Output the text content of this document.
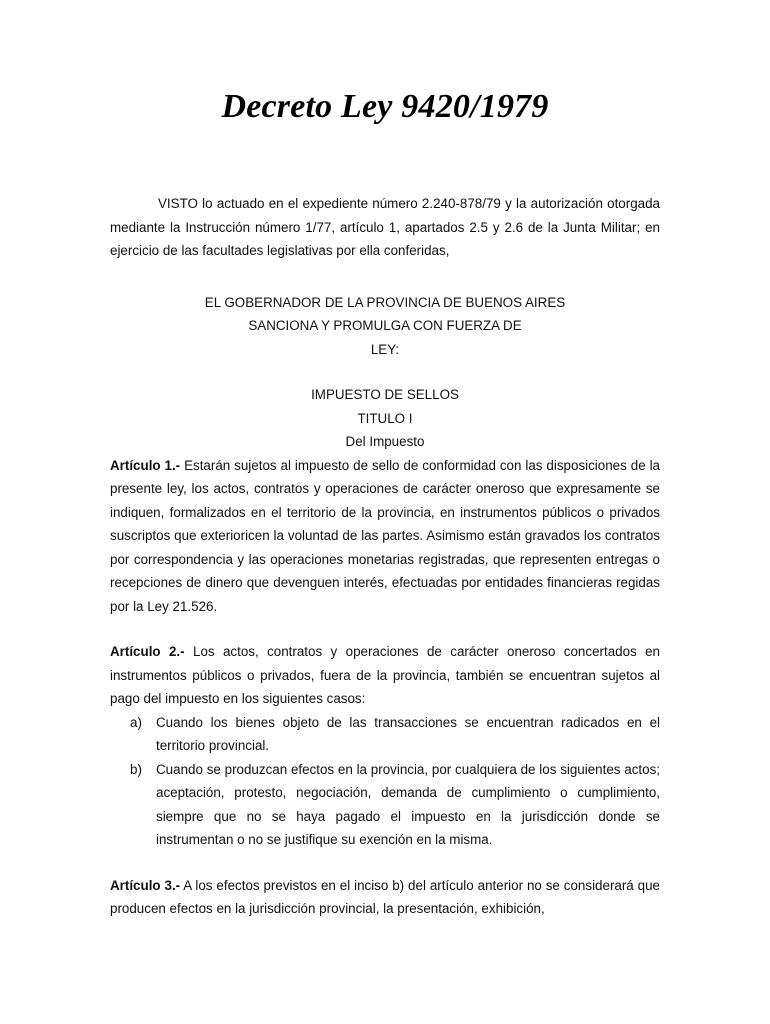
Decreto Ley 9420/1979

VISTO lo actuado en el expediente número 2.240-878/79 y la autorización otorgada mediante la Instrucción número 1/77, artículo 1, apartados 2.5 y 2.6 de la Junta Militar; en ejercicio de las facultades legislativas por ella conferidas,

EL GOBERNADOR DE LA PROVINCIA DE BUENOS AIRES

SANCIONA Y PROMULGA CON FUERZA DE

LEY:

IMPUESTO DE SELLOS

TITULO I

Del Impuesto

Artículo 1.- Estarán sujetos al impuesto de sello de conformidad con las disposiciones de la presente ley, los actos, contratos y operaciones de carácter oneroso que expresamente se indiquen, formalizados en el territorio de la provincia, en instrumentos públicos o privados suscriptos que exterioricen la voluntad de las partes. Asimismo están gravados los contratos por correspondencia y las operaciones monetarias registradas, que representen entregas o recepciones de dinero que devenguen interés, efectuadas por entidades financieras regidas por la Ley 21.526.

Artículo 2.- Los actos, contratos y operaciones de carácter oneroso concertados en instrumentos públicos o privados, fuera de la provincia, también se encuentran sujetos al pago del impuesto en los siguientes casos:

a) Cuando los bienes objeto de las transacciones se encuentran radicados en el territorio provincial.
b) Cuando se produzcan efectos en la provincia, por cualquiera de los siguientes actos; aceptación, protesto, negociación, demanda de cumplimiento o cumplimiento, siempre que no se haya pagado el impuesto en la jurisdicción donde se instrumentan o no se justifique su exención en la misma.

Artículo 3.- A los efectos previstos en el inciso b) del artículo anterior no se considerará que producen efectos en la jurisdicción provincial, la presentación, exhibición,
